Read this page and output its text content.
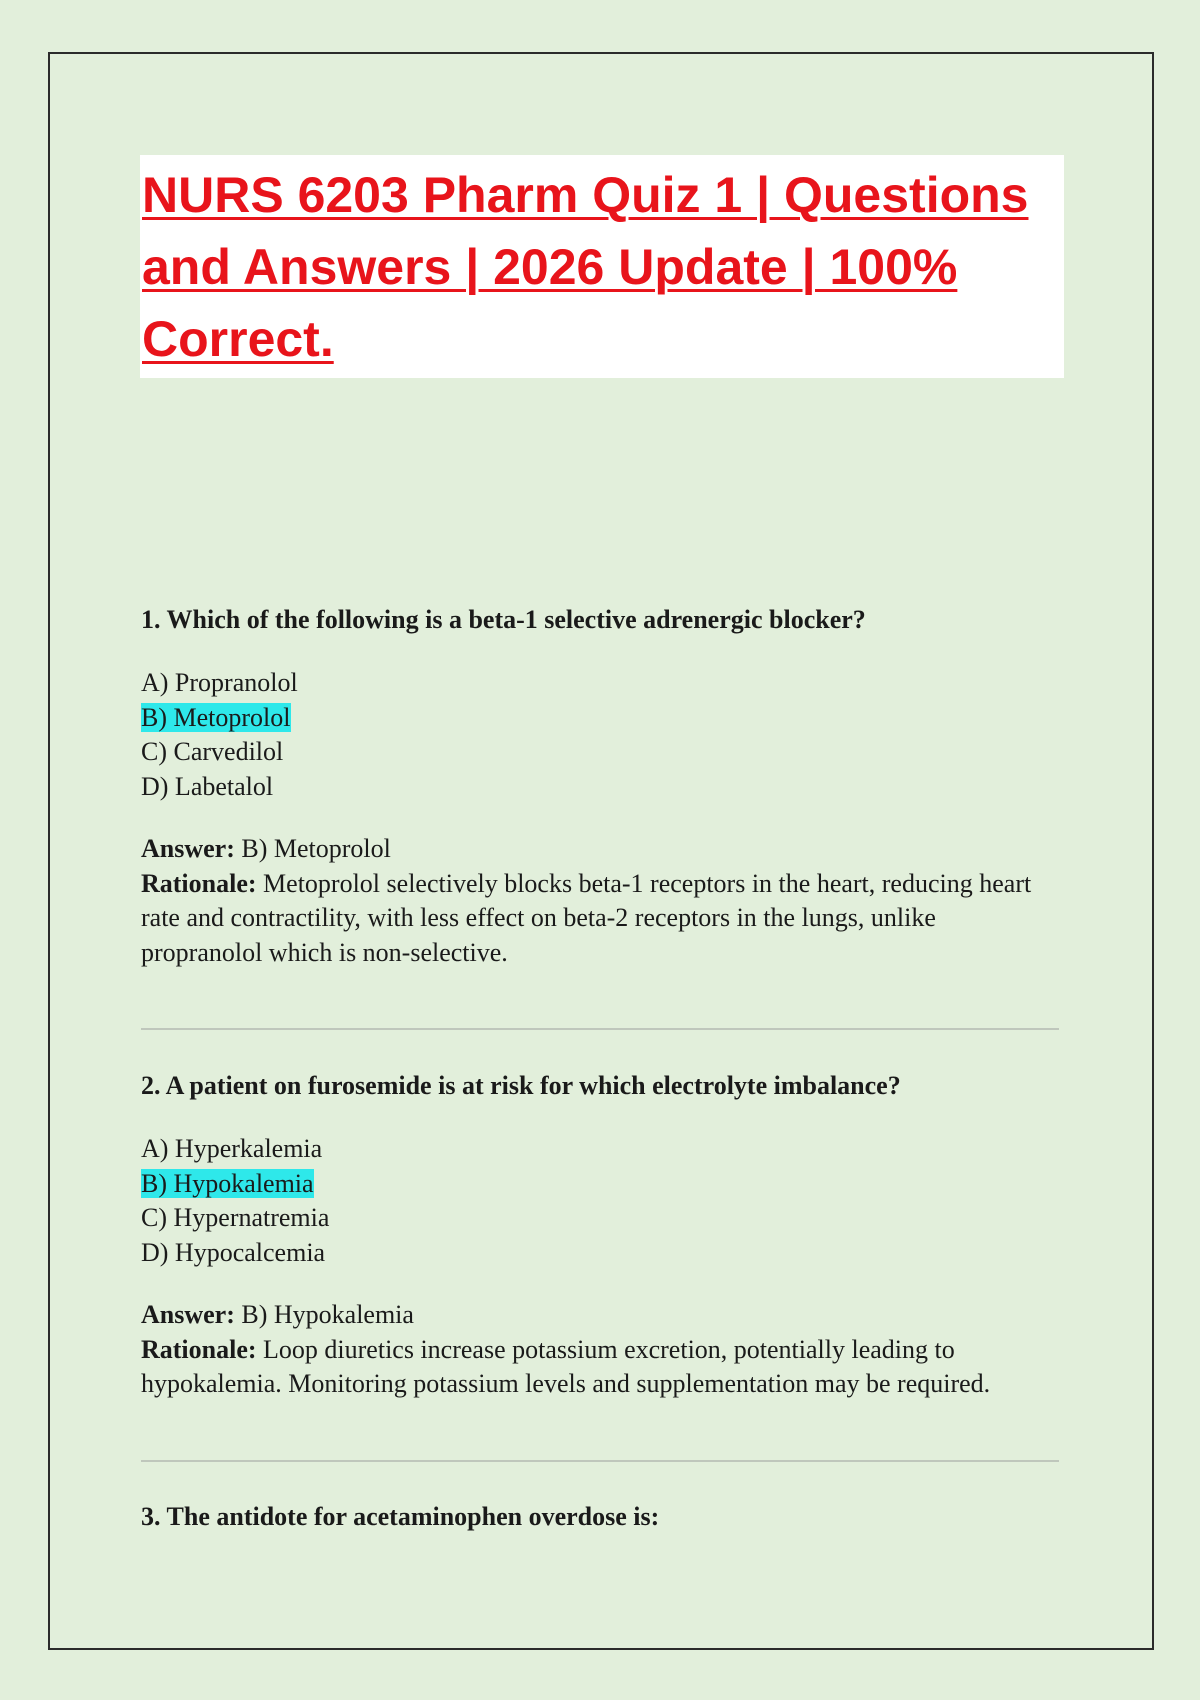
NURS 6203 Pharm Quiz 1 | Questions and Answers | 2026 Update | 100% Correct.

1. Which of the following is a beta-1 selective adrenergic blocker?

A) Propranolol
B) Metoprolol
C) Carvedilol
D) Labetalol

Answer: B) Metoprolol

Rationale: Metoprolol selectively blocks beta-1 receptors in the heart, reducing heart rate and contractility, with less effect on beta-2 receptors in the lungs, unlike propranolol which is non-selective.

2. A patient on furosemide is at risk for which electrolyte imbalance?

A) Hyperkalemia
B) Hypokalemia
C) Hypernatremia
D) Hypocalcemia

Answer: B) Hypokalemia

Rationale: Loop diuretics increase potassium excretion, potentially leading to hypokalemia. Monitoring potassium levels and supplementation may be required.

3. The antidote for acetaminophen overdose is:
